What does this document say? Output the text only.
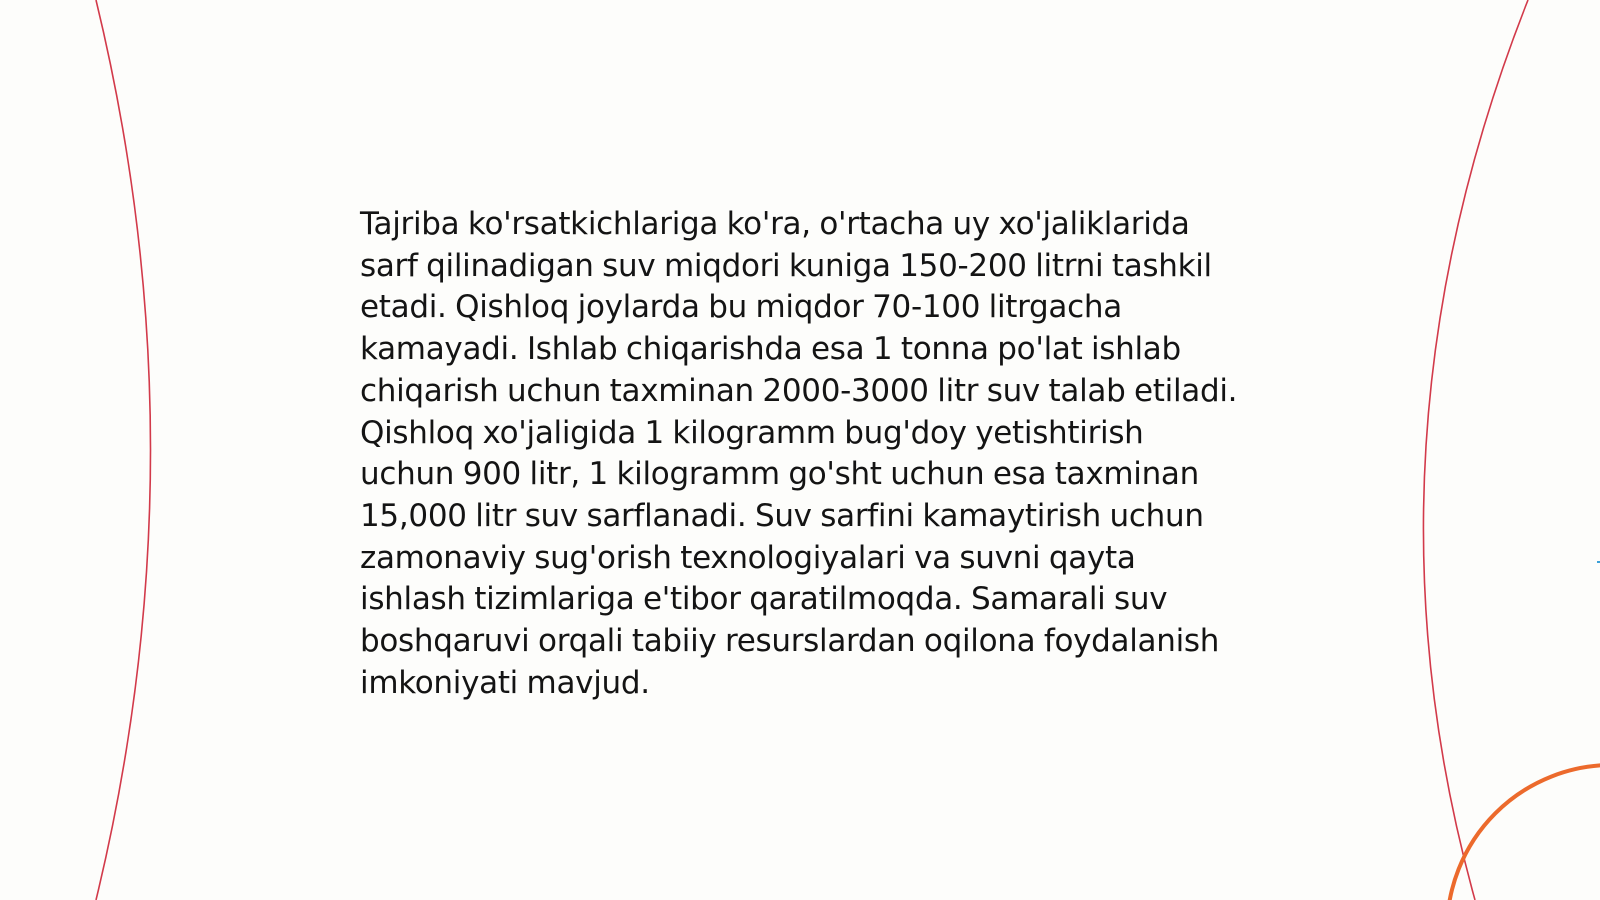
Tajriba ko'rsatkichlariga ko'ra, o'rtacha uy xo'jaliklarida sarf qilinadigan suv miqdori kuniga 150-200 litrni tashkil etadi. Qishloq joylarda bu miqdor 70-100 litrgacha kamayadi. Ishlab chiqarishda esa 1 tonna po'lat ishlab chiqarish uchun taxminan 2000-3000 litr suv talab etiladi. Qishloq xo'jaligida 1 kilogramm bug'doy yetishtirish uchun 900 litr, 1 kilogramm go'sht uchun esa taxminan 15,000 litr suv sarflanadi. Suv sarfini kamaytirish uchun zamonaviy sug'orish texnologiyalari va suvni qayta ishlash tizimlariga e'tibor qaratilmoqda. Samarali suv boshqaruvi orqali tabiiy resurslardan oqilona foydalanish imkoniyati mavjud.
